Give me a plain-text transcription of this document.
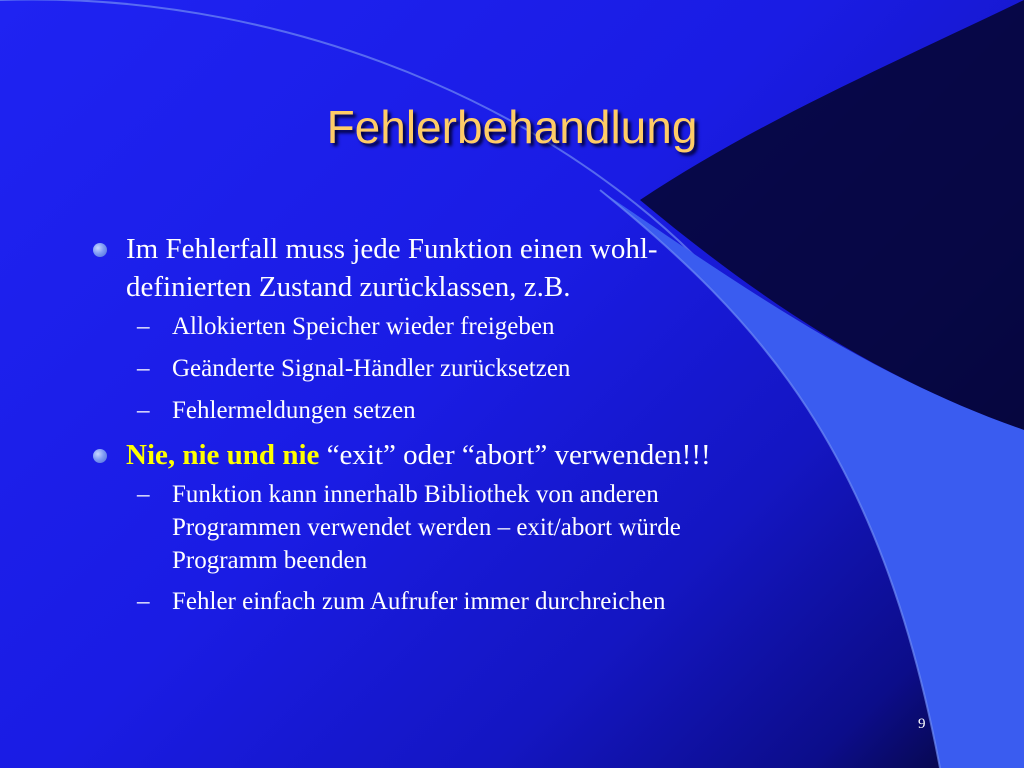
Fehlerbehandlung
Im Fehlerfall muss jede Funktion einen wohl-
definierten Zustand zurücklassen, z.B.
– Allokierten Speicher wieder freigeben
– Geänderte Signal-Händler zurücksetzen
– Fehlermeldungen setzen
Nie, nie und nie “exit” oder “abort” verwenden!!!
– Funktion kann innerhalb Bibliothek von anderen
Programmen verwendet werden – exit/abort würde
Programm beenden
– Fehler einfach zum Aufrufer immer durchreichen
9
